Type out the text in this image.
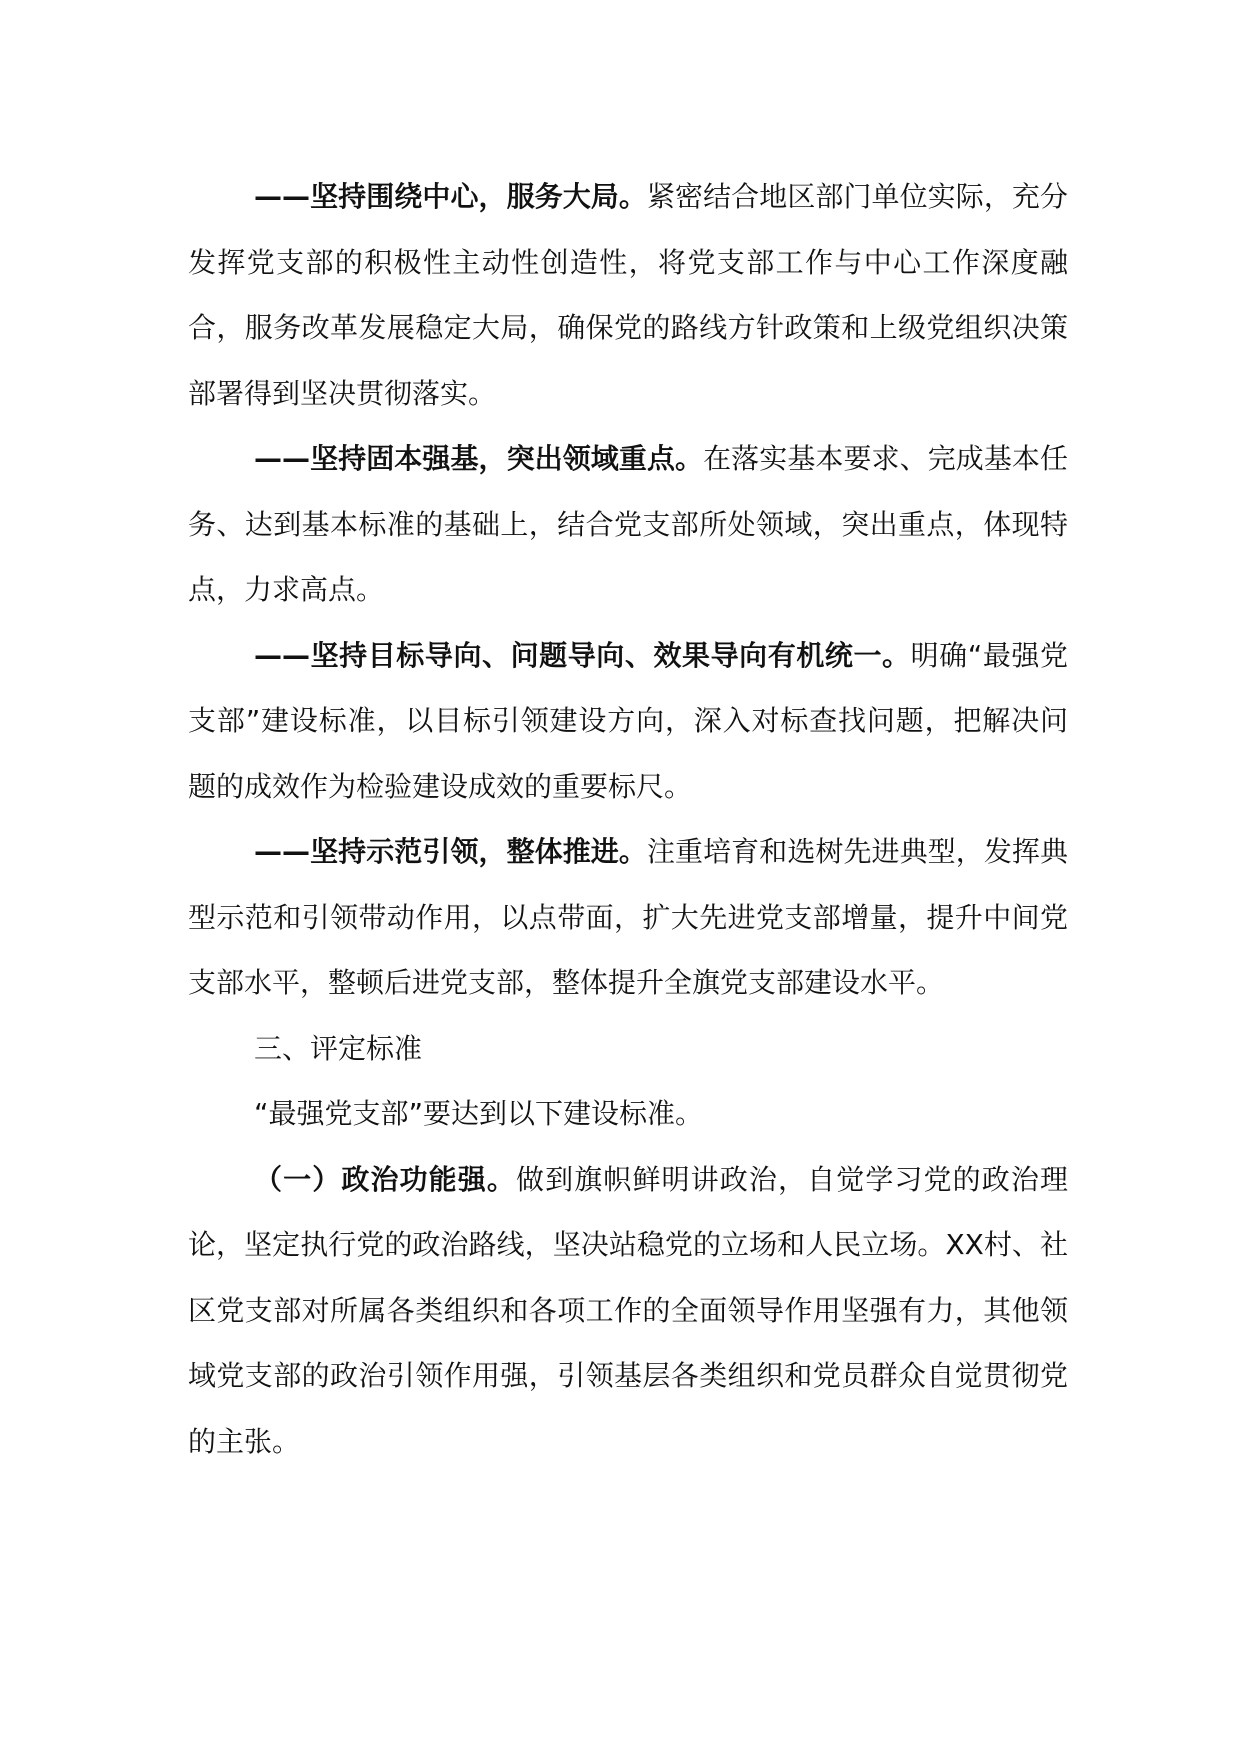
——坚持围绕中心，服务大局。紧密结合地区部门单位实际，充分发挥党支部的积极性主动性创造性，将党支部工作与中心工作深度融合，服务改革发展稳定大局，确保党的路线方针政策和上级党组织决策部署得到坚决贯彻落实。

——坚持固本强基，突出领域重点。在落实基本要求、完成基本任务、达到基本标准的基础上，结合党支部所处领域，突出重点，体现特点，力求高点。

——坚持目标导向、问题导向、效果导向有机统一。明确“最强党支部”建设标准，以目标引领建设方向，深入对标查找问题，把解决问题的成效作为检验建设成效的重要标尺。

——坚持示范引领，整体推进。注重培育和选树先进典型，发挥典型示范和引领带动作用，以点带面，扩大先进党支部增量，提升中间党支部水平，整顿后进党支部，整体提升全旗党支部建设水平。

三、评定标准

“最强党支部”要达到以下建设标准。

（一）政治功能强。做到旗帜鲜明讲政治，自觉学习党的政治理论，坚定执行党的政治路线，坚决站稳党的立场和人民立场。XX村、社区党支部对所属各类组织和各项工作的全面领导作用坚强有力，其他领域党支部的政治引领作用强，引领基层各类组织和党员群众自觉贯彻党的主张。
